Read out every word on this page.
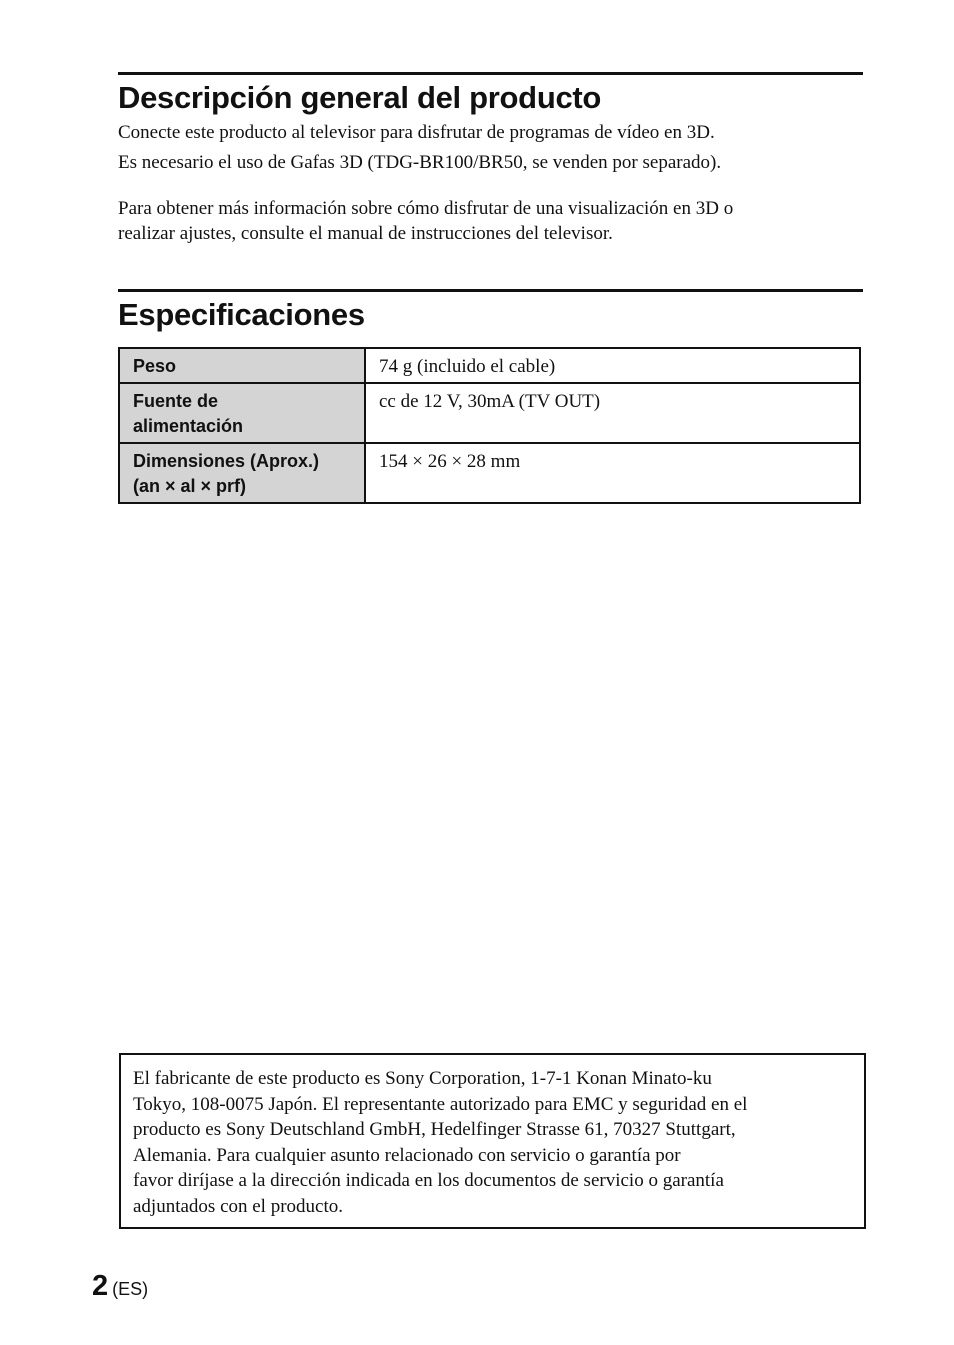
Descripción general del producto

Conecte este producto al televisor para disfrutar de programas de vídeo en 3D.
Es necesario el uso de Gafas 3D (TDG-BR100/BR50, se venden por separado).

Para obtener más información sobre cómo disfrutar de una visualización en 3D o
realizar ajustes, consulte el manual de instrucciones del televisor.

Especificaciones
Peso	74 g (incluido el cable)

Fuente de
alimentación	cc de 12 V, 30mA (TV OUT)

Dimensiones (Aprox.)
(an × al × prf)	154 × 26 × 28 mm
El fabricante de este producto es Sony Corporation, 1-7-1 Konan Minato-ku
Tokyo, 108-0075 Japón. El representante autorizado para EMC y seguridad en el
producto es Sony Deutschland GmbH, Hedelfinger Strasse 61, 70327 Stuttgart,
Alemania. Para cualquier asunto relacionado con servicio o garantía por
favor diríjase a la dirección indicada en los documentos de servicio o garantía
adjuntados con el producto.
2 (ES)
